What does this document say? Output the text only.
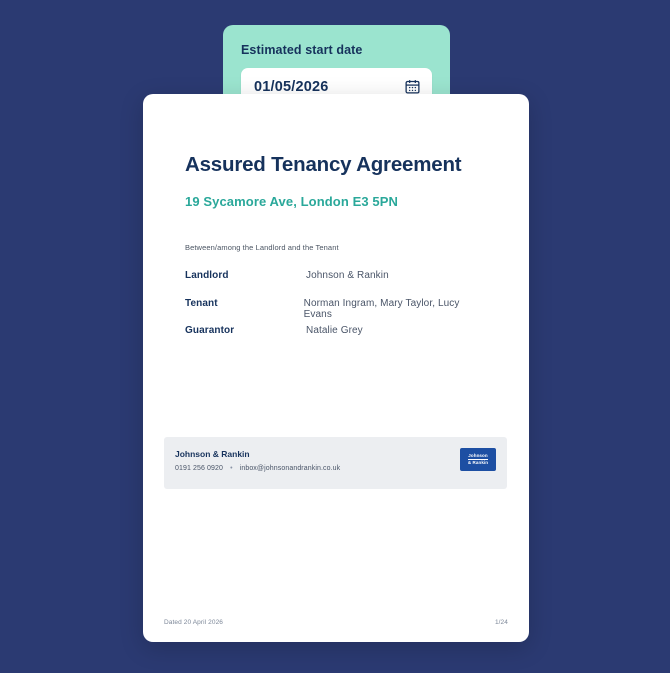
Estimated start date
01/05/2026
Assured Tenancy Agreement
19 Sycamore Ave, London E3 5PN
Between/among the Landlord and the Tenant
Landlord	Johnson & Rankin
Tenant	Norman Ingram, Mary Taylor, Lucy Evans
Guarantor	Natalie Grey
Johnson & Rankin
0191 256 0920 • inbox@johnsonandrankin.co.uk
Johnson
& Rankin
Dated 20 April 2026	1/24
